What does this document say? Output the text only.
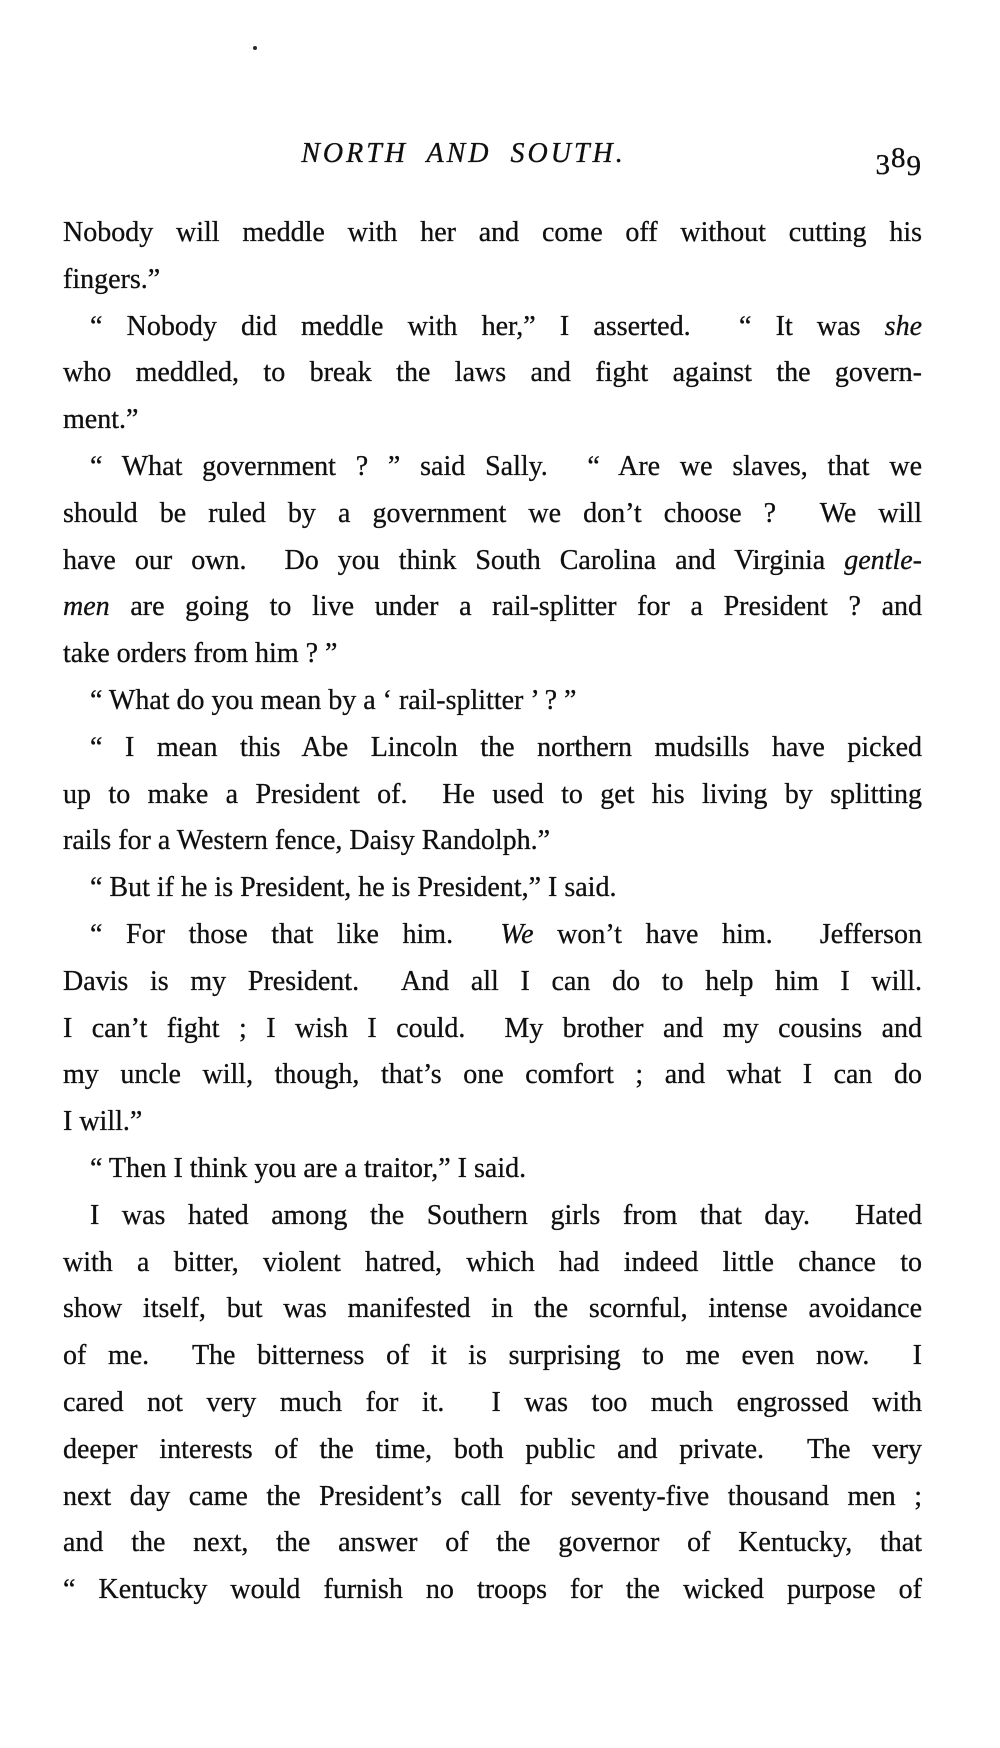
NORTH AND SOUTH.	389
Nobody will meddle with her and come off without cutting his
fingers.”
“ Nobody did meddle with her,” I asserted.  “ It was she
who meddled, to break the laws and fight against the govern-
ment.”
“ What government ? ” said Sally.  “ Are we slaves, that we
should be ruled by a government we don’t choose ?  We will
have our own.  Do you think South Carolina and Virginia gentle-
men are going to live under a rail-splitter for a President ? and
take orders from him ? ”
“ What do you mean by a ‘ rail-splitter ’ ? ”
“ I mean this Abe Lincoln the northern mudsills have picked
up to make a President of.  He used to get his living by splitting
rails for a Western fence, Daisy Randolph.”
“ But if he is President, he is President,” I said.
“ For those that like him.  We won’t have him.  Jefferson
Davis is my President.  And all I can do to help him I will.
I can’t fight ; I wish I could.  My brother and my cousins and
my uncle will, though, that’s one comfort ; and what I can do
I will.”
“ Then I think you are a traitor,” I said.
I was hated among the Southern girls from that day.  Hated
with a bitter, violent hatred, which had indeed little chance to
show itself, but was manifested in the scornful, intense avoidance
of me.  The bitterness of it is surprising to me even now.  I
cared not very much for it.  I was too much engrossed with
deeper interests of the time, both public and private.  The very
next day came the President’s call for seventy-five thousand men ;
and the next, the answer of the governor of Kentucky, that
“ Kentucky would furnish no troops for the wicked purpose of
